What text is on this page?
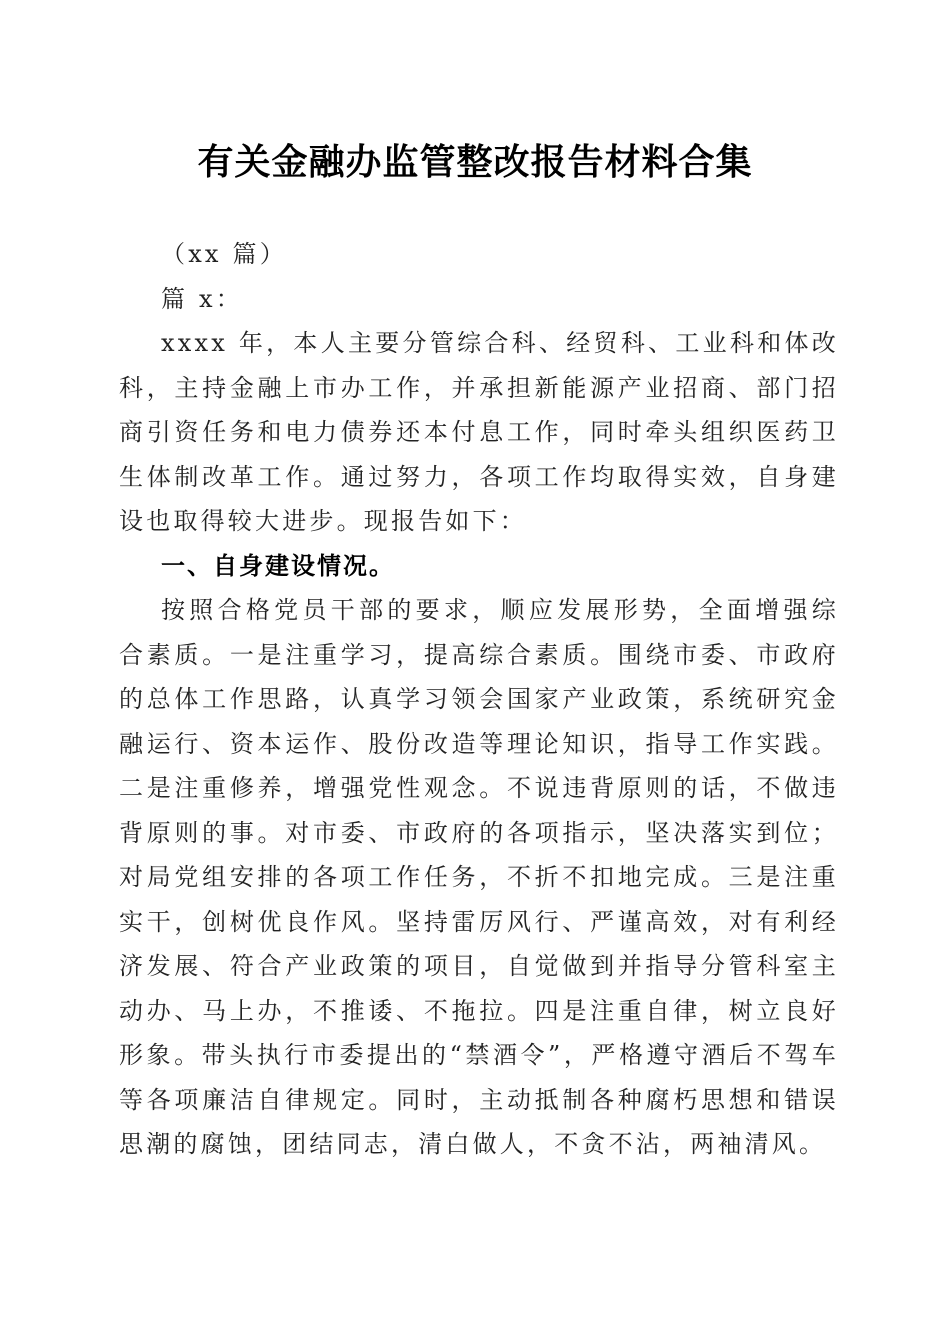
有关金融办监管整改报告材料合集
（xx 篇）
篇 x：

xxxx 年，本人主要分管综合科、经贸科、工业科和体改科，主持金融上市办工作，并承担新能源产业招商、部门招商引资任务和电力债券还本付息工作，同时牵头组织医药卫生体制改革工作。通过努力，各项工作均取得实效，自身建设也取得较大进步。现报告如下：

一、自身建设情况。

按照合格党员干部的要求，顺应发展形势，全面增强综合素质。一是注重学习，提高综合素质。围绕市委、市政府的总体工作思路，认真学习领会国家产业政策，系统研究金融运行、资本运作、股份改造等理论知识，指导工作实践。二是注重修养，增强党性观念。不说违背原则的话，不做违背原则的事。对市委、市政府的各项指示，坚决落实到位；对局党组安排的各项工作任务，不折不扣地完成。三是注重实干，创树优良作风。坚持雷厉风行、严谨高效，对有利经济发展、符合产业政策的项目，自觉做到并指导分管科室主动办、马上办，不推诿、不拖拉。四是注重自律，树立良好形象。带头执行市委提出的“禁酒令”，严格遵守酒后不驾车等各项廉洁自律规定。同时，主动抵制各种腐朽思想和错误思潮的腐蚀，团结同志，清白做人，不贪不沾，两袖清风。
